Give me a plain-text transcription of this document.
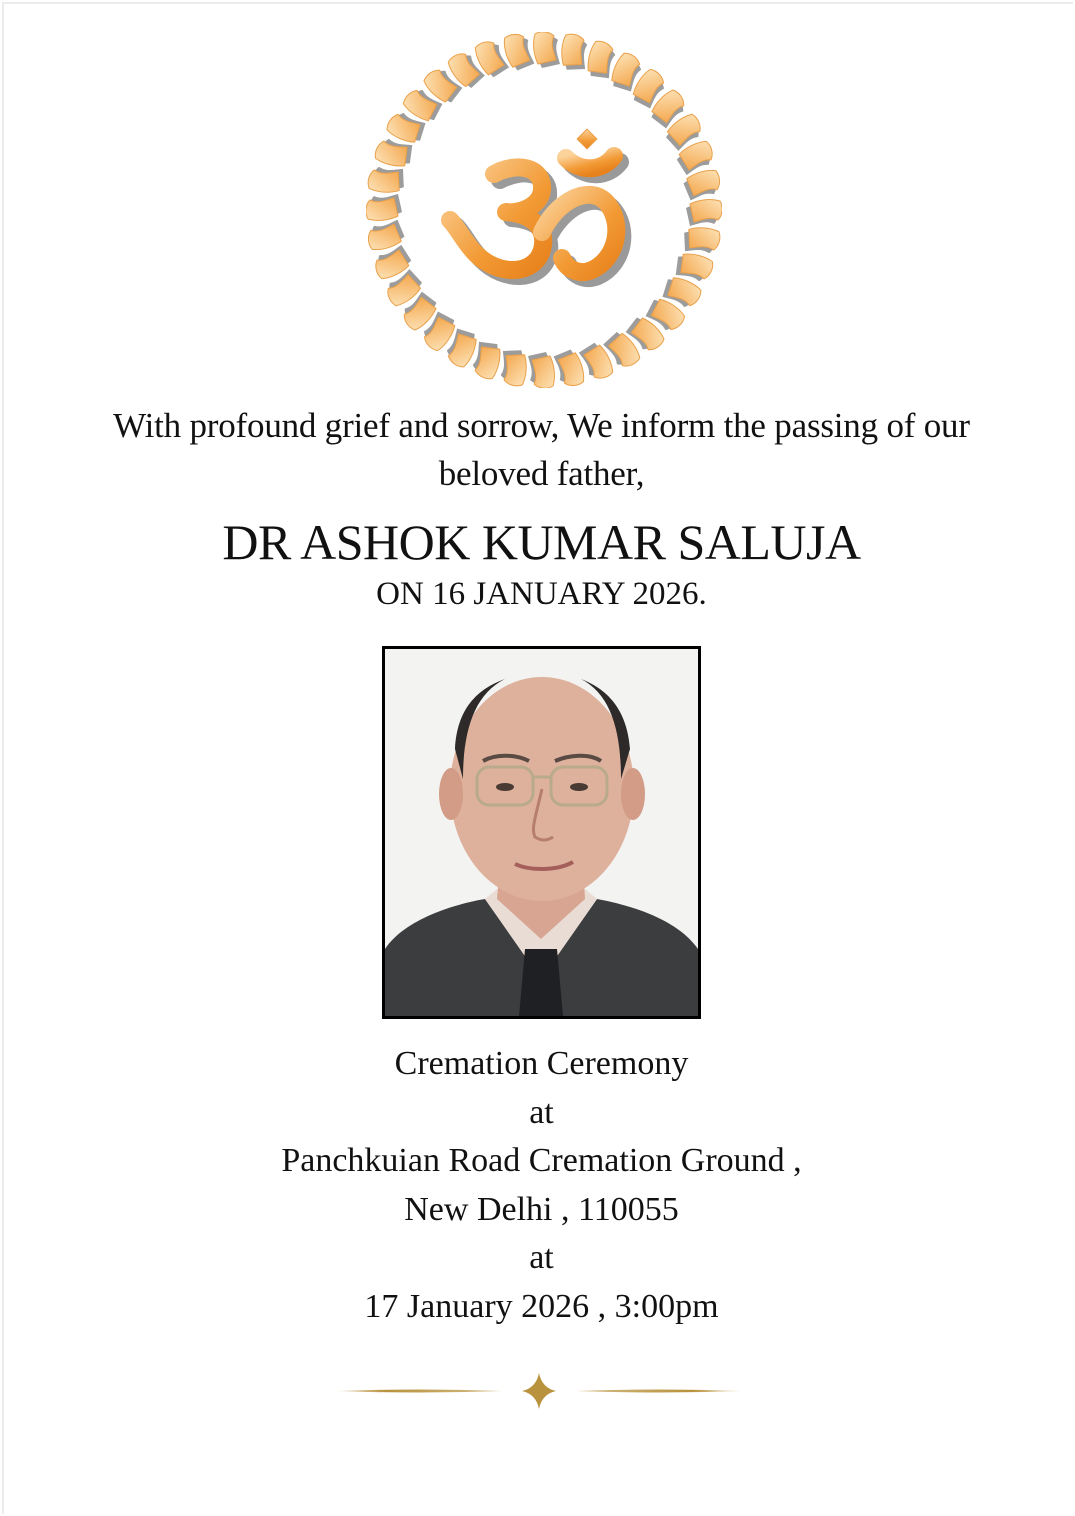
With profound grief and sorrow, We inform the passing of our
beloved father,
DR ASHOK KUMAR SALUJA
ON 16 JANUARY 2026.
Cremation Ceremony
at
Panchkuian Road Cremation Ground ,
New Delhi , 110055
at
17 January 2026 , 3:00pm
